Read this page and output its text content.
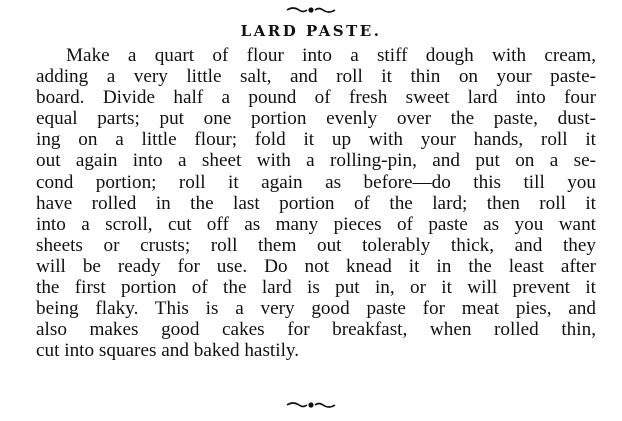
LARD PASTE.
Make a quart of flour into a stiff dough with cream,
adding a very little salt, and roll it thin on your paste-
board. Divide half a pound of fresh sweet lard into four
equal parts; put one portion evenly over the paste, dust-
ing on a little flour; fold it up with your hands, roll it
out again into a sheet with a rolling-pin, and put on a se-
cond portion; roll it again as before—do this till you
have rolled in the last portion of the lard; then roll it
into a scroll, cut off as many pieces of paste as you want
sheets or crusts; roll them out tolerably thick, and they
will be ready for use. Do not knead it in the least after
the first portion of the lard is put in, or it will prevent it
being flaky. This is a very good paste for meat pies, and
also makes good cakes for breakfast, when rolled thin,
cut into squares and baked hastily.
